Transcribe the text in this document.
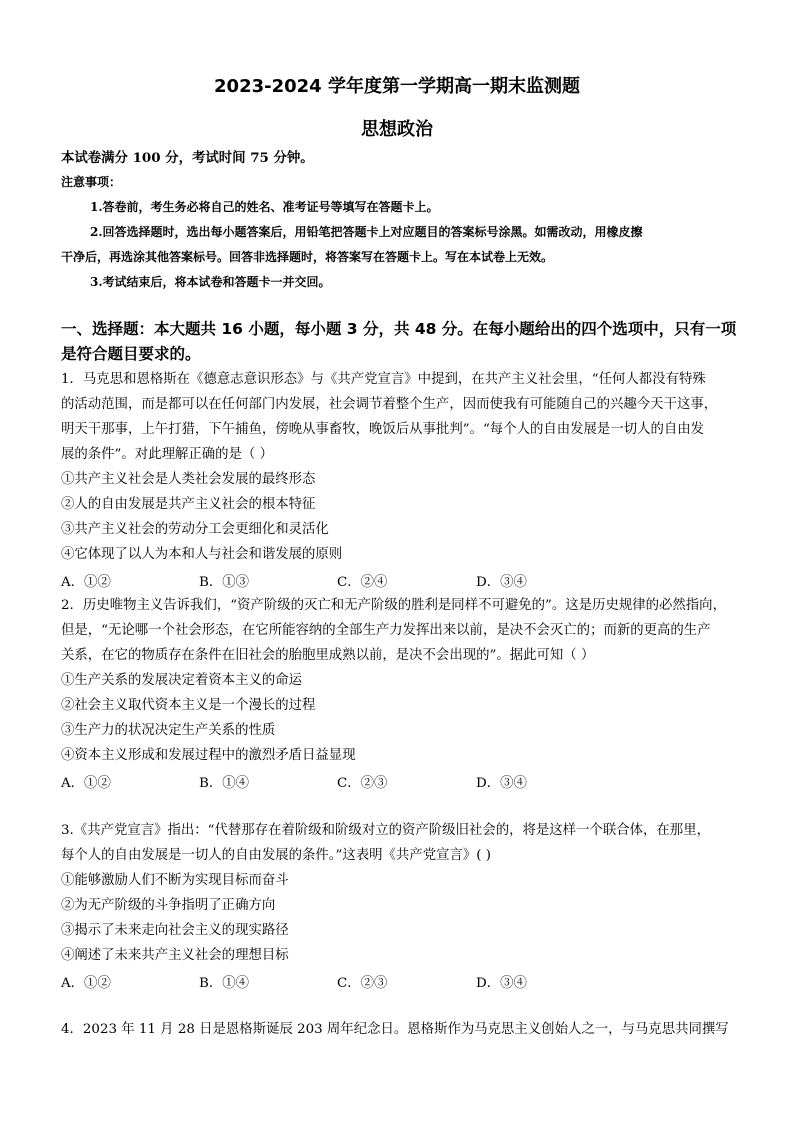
2023-2024 学年度第一学期高一期末监测题
思想政治
本试卷满分 100 分，考试时间 75 分钟。
注意事项：
1.答卷前，考生务必将自己的姓名、准考证号等填写在答题卡上。
2.回答选择题时，选出每小题答案后，用铅笔把答题卡上对应题目的答案标号涂黑。如需改动，用橡皮擦
干净后，再选涂其他答案标号。回答非选择题时，将答案写在答题卡上。写在本试卷上无效。
3.考试结束后，将本试卷和答题卡一并交回。
一、选择题：本大题共 16 小题，每小题 3 分，共 48 分。在每小题给出的四个选项中，只有一项
是符合题目要求的。
1．马克思和恩格斯在《德意志意识形态》与《共产党宣言》中提到，在共产主义社会里，“任何人都没有特殊
的活动范围，而是都可以在任何部门内发展，社会调节着整个生产，因而使我有可能随自己的兴趣今天干这事，
明天干那事，上午打猎，下午捕鱼，傍晚从事畜牧，晚饭后从事批判”。“每个人的自由发展是一切人的自由发
展的条件”。对此理解正确的是（ ）
①共产主义社会是人类社会发展的最终形态
②人的自由发展是共产主义社会的根本特征
③共产主义社会的劳动分工会更细化和灵活化
④它体现了以人为本和人与社会和谐发展的原则
A．①②	B．①③	C．②④	D．③④
2．历史唯物主义告诉我们，“资产阶级的灭亡和无产阶级的胜利是同样不可避免的”。这是历史规律的必然指向，
但是，“无论哪一个社会形态，在它所能容纳的全部生产力发挥出来以前，是决不会灭亡的；而新的更高的生产
关系，在它的物质存在条件在旧社会的胎胞里成熟以前，是决不会出现的”。据此可知（ ）
①生产关系的发展决定着资本主义的命运
②社会主义取代资本主义是一个漫长的过程
③生产力的状况决定生产关系的性质
④资本主义形成和发展过程中的激烈矛盾日益显现
A．①②	B．①④	C．②③	D．③④
3.《共产党宣言》指出：“代替那存在着阶级和阶级对立的资产阶级旧社会的，将是这样一个联合体，在那里，
每个人的自由发展是一切人的自由发展的条件。”这表明《共产党宣言》( )
①能够激励人们不断为实现目标而奋斗
②为无产阶级的斗争指明了正确方向
③揭示了未来走向社会主义的现实路径
④阐述了未来共产主义社会的理想目标
A．①②	B．①④	C．②③	D．③④
4．2023 年 11 月 28 日是恩格斯诞辰 203 周年纪念日。恩格斯作为马克思主义创始人之一，与马克思共同撰写
